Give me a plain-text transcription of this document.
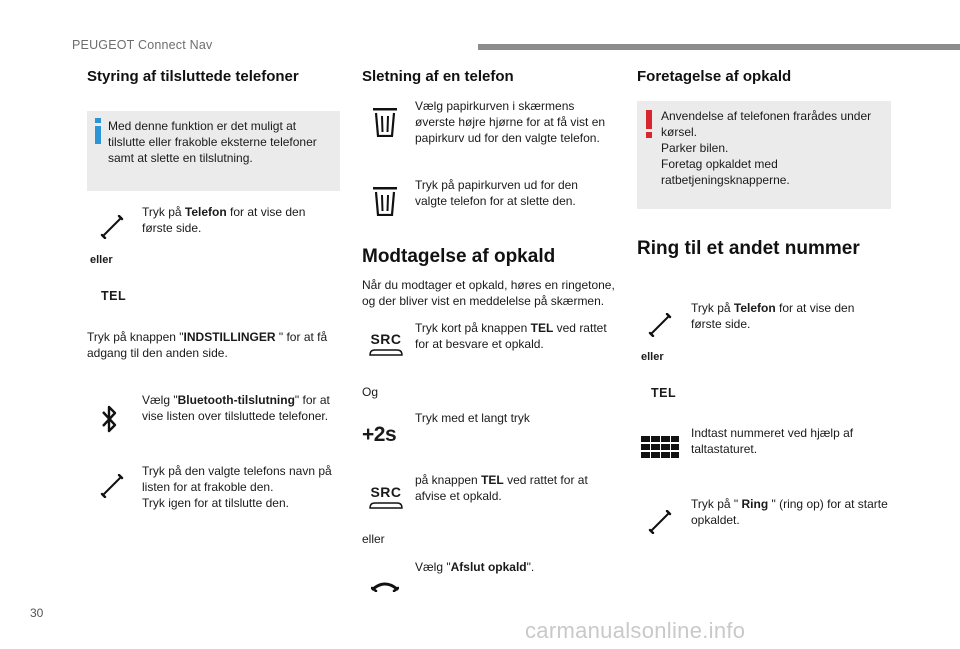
PEUGEOT Connect Nav
Styring af tilsluttede telefoner
Med denne funktion er det muligt at
tilslutte eller frakoble eksterne telefoner
samt at slette en tilslutning.
Tryk på Telefon for at vise den
første side.
eller
TEL
Tryk på knappen "INDSTILLINGER " for at få
adgang til den anden side.
Vælg "Bluetooth-tilslutning" for at
vise listen over tilsluttede telefoner.
Tryk på den valgte telefons navn på
listen for at frakoble den.
Tryk igen for at tilslutte den.
Sletning af en telefon
Vælg papirkurven i skærmens
øverste højre hjørne for at få vist en
papirkurv ud for den valgte telefon.
Tryk på papirkurven ud for den
valgte telefon for at slette den.
Modtagelse af opkald
Når du modtager et opkald, høres en ringetone,
og der bliver vist en meddelelse på skærmen.
SRC
Tryk kort på knappen TEL ved rattet
for at besvare et opkald.
Og
+2s
Tryk med et langt tryk
SRC
på knappen TEL ved rattet for at
afvise et opkald.
eller
Vælg "Afslut opkald".
Foretagelse af opkald
Anvendelse af telefonen frarådes under
kørsel.
Parker bilen.
Foretag opkaldet med
ratbetjeningsknapperne.
Ring til et andet nummer
Tryk på Telefon for at vise den
første side.
eller
TEL
Indtast nummeret ved hjælp af
taltastaturet.
Tryk på " Ring " (ring op) for at starte
opkaldet.
30
carmanualsonline.info
